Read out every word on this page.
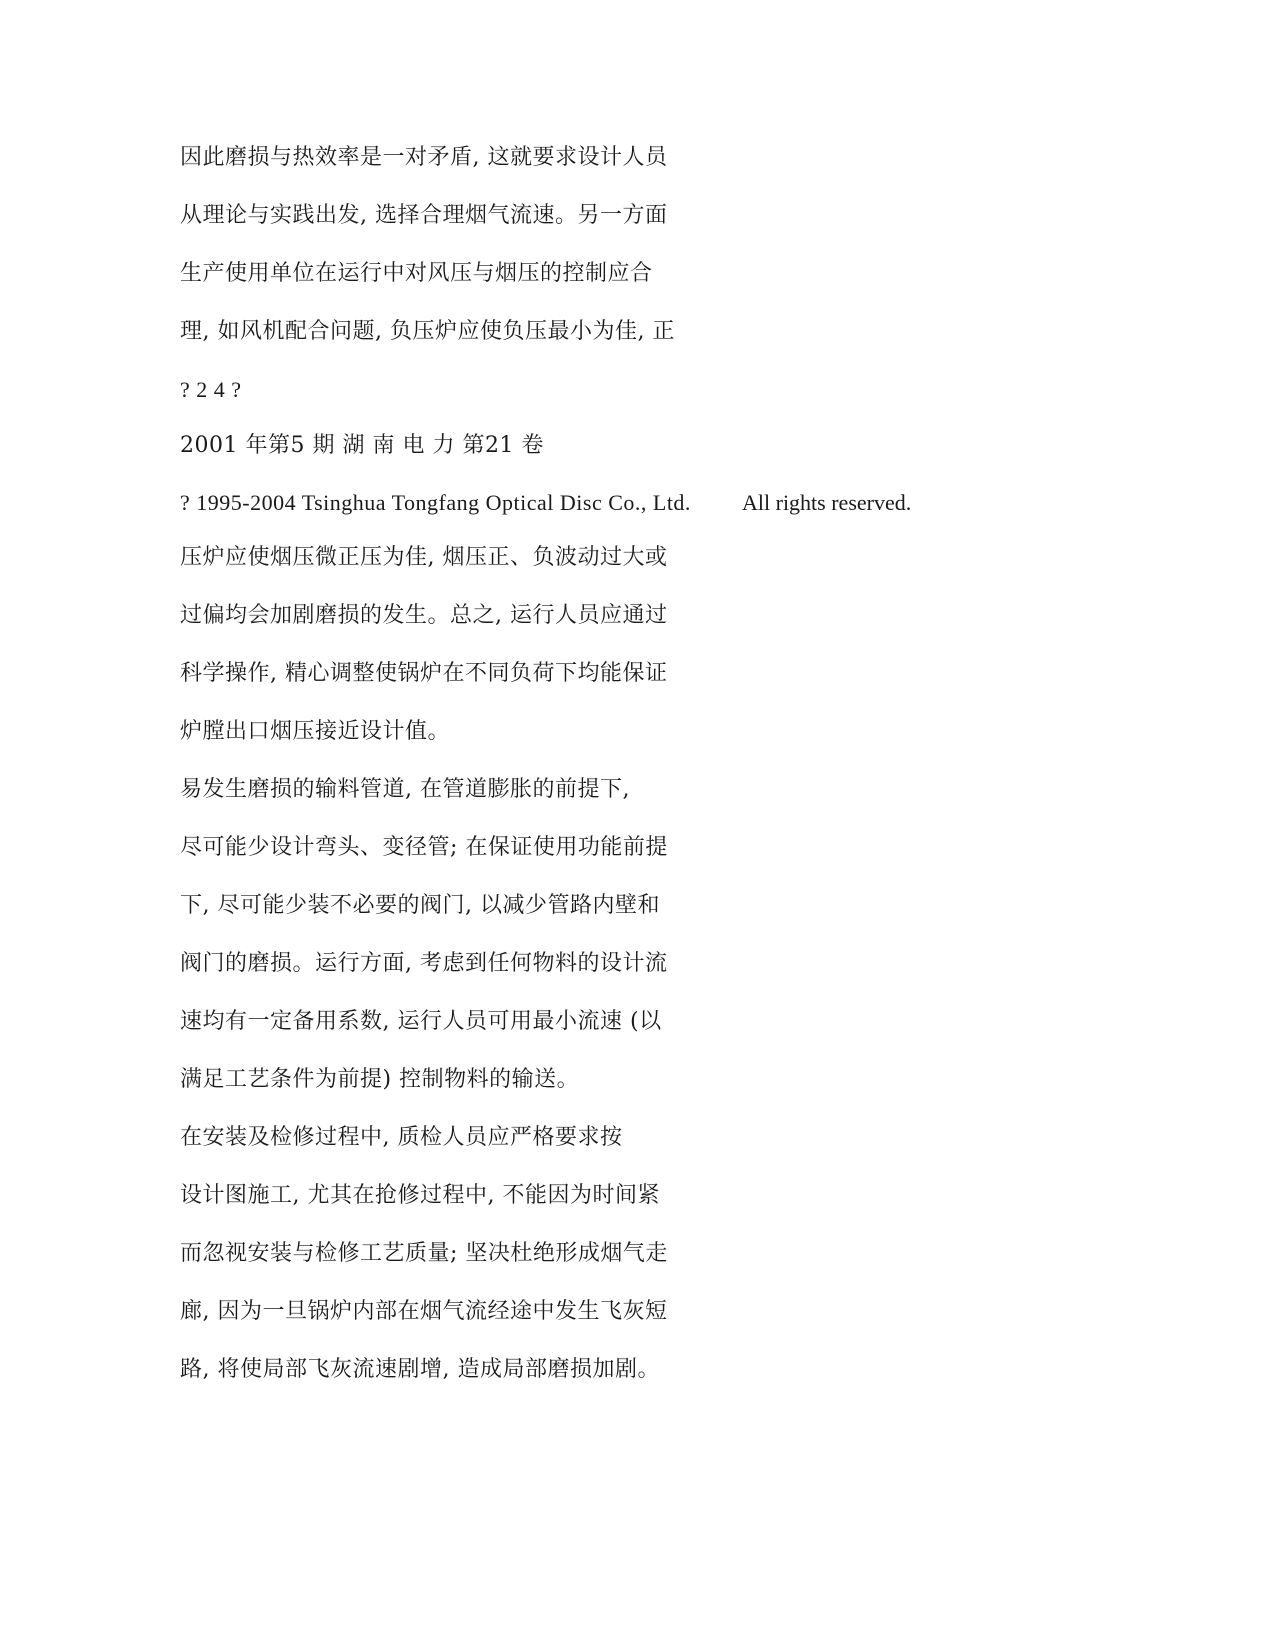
因此磨损与热效率是一对矛盾, 这就要求设计人员
从理论与实践出发, 选择合理烟气流速。另一方面
生产使用单位在运行中对风压与烟压的控制应合
理, 如风机配合问题, 负压炉应使负压最小为佳, 正
? 2 4 ?
2001 年第5 期 湖 南 电 力 第21 卷
? 1995-2004 Tsinghua Tongfang Optical Disc Co., Ltd. All rights reserved.
压炉应使烟压微正压为佳, 烟压正、负波动过大或
过偏均会加剧磨损的发生。总之, 运行人员应通过
科学操作, 精心调整使锅炉在不同负荷下均能保证
炉膛出口烟压接近设计值。
易发生磨损的输料管道, 在管道膨胀的前提下,
尽可能少设计弯头、变径管; 在保证使用功能前提
下, 尽可能少装不必要的阀门, 以减少管路内壁和
阀门的磨损。运行方面, 考虑到任何物料的设计流
速均有一定备用系数, 运行人员可用最小流速 (以
满足工艺条件为前提) 控制物料的输送。
在安装及检修过程中, 质检人员应严格要求按
设计图施工, 尤其在抢修过程中, 不能因为时间紧
而忽视安装与检修工艺质量; 坚决杜绝形成烟气走
廊, 因为一旦锅炉内部在烟气流经途中发生飞灰短
路, 将使局部飞灰流速剧增, 造成局部磨损加剧。
